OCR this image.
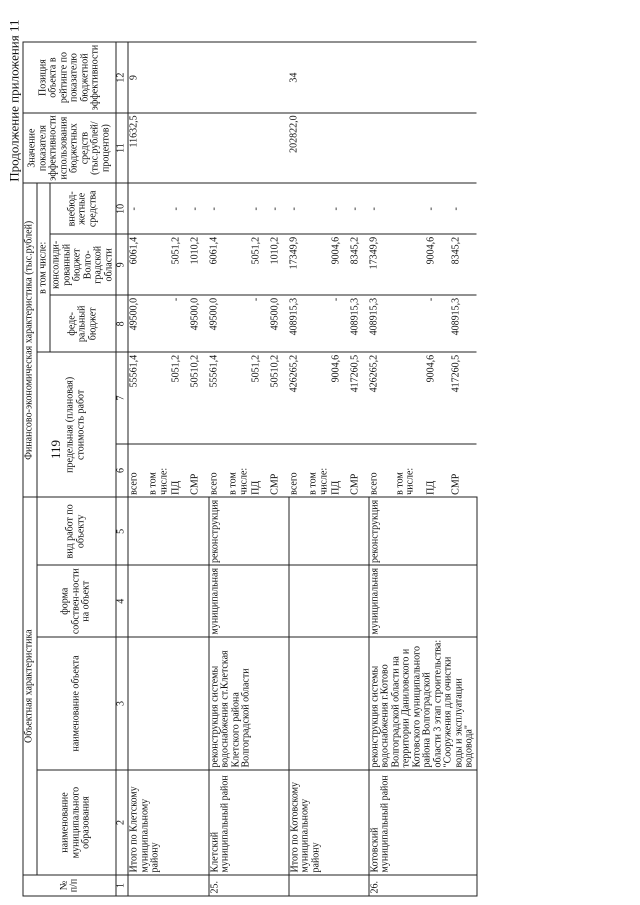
Продолжение приложения 11
№ п/п	Объектная характеристика				Финансово-экономическая характеристика (тыс.рублей)					Значение показателя эффективности использования бюджетных средств (тыс.рублей/процентов)	Позиция объекта в рейтинге по показателю бюджетной эффективности
	наименование муниципального образования	наименование объекта	форма собствен-ности на объект	вид работ по объекту	предельная (плановая) стоимость работ		в том числе:				
							феде-ральный бюджет	консолиди-рованный бюджет Волго-градской области	внебюд-жетные средства		
1	2	3	4	5	6	7	8	9	10	11	12
	Итого по Клетскому муниципальному району				всего	55561,4	49500,0	6061,4	-	11632,5	9
					в том числе:						
					ПД	5051,2	-	5051,2	-		
					СМР	50510,2	49500,0	1010,2	-		
25.	Клетский муниципальный район	реконструкция системы водоснабжения ст.Клетская Клетского района Волгоградской области	муниципальная	реконструкция	всего	55561,4	49500,0	6061,4	-		
					в том числе:						
					ПД	5051,2	-	5051,2	-		
					СМР	50510,2	49500,0	1010,2	-		
	Итого по Котовскому муниципальному району				всего	426265,2	408915,3	17349,9	-	202822,0	34
					в том числе:						
					ПД	9004,6	-	9004,6	-		
					СМР	417260,5	408915,3	8345,2	-		
26.	Котовский муниципальный район	реконструкция системы водоснабжения г.Котово Волгоградской области на территории Даниловского и Котовского муниципального района Волгоградской области 3 этап строительства: "Сооружения для очистки воды и эксплуатации водовода"	муниципальная	реконструкция	всего	426265,2	408915,3	17349,9	-		
					в том числе:						
					ПД	9004,6	-	9004,6	-		
					СМР	417260,5	408915,3	8345,2	-		
119
